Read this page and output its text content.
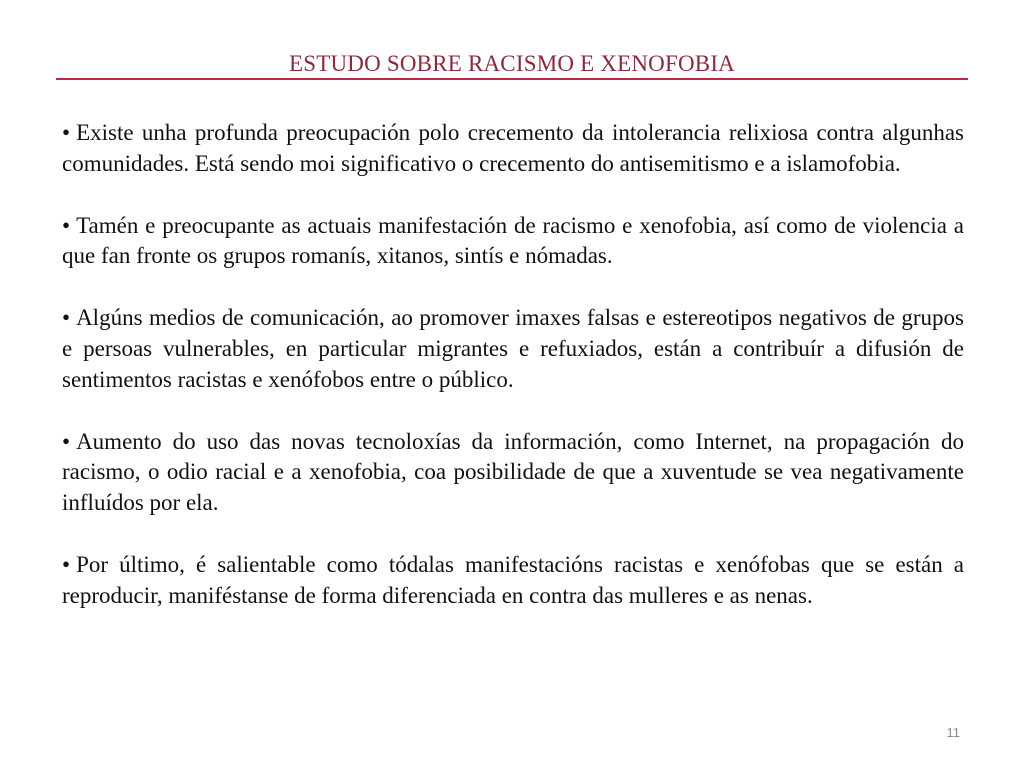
ESTUDO SOBRE RACISMO E XENOFOBIA

• Existe unha profunda preocupación polo crecemento da intolerancia relixiosa contra algunhas comunidades. Está sendo moi significativo o crecemento do antisemitismo e a islamofobia.

• Tamén e preocupante as actuais manifestación de racismo e xenofobia, así como de violencia a que fan fronte os grupos romanís, xitanos, sintís e nómadas.

• Algúns medios de comunicación, ao promover imaxes falsas e estereotipos negativos de grupos e persoas vulnerables, en particular migrantes e refuxiados, están a contribuír a difusión de sentimentos racistas e xenófobos entre o público.

• Aumento do uso das novas tecnoloxías da información, como Internet, na propagación do racismo, o odio racial e a xenofobia, coa posibilidade de que a xuventude se vea negativamente influídos por ela.

• Por último, é salientable como tódalas manifestacións racistas e xenófobas que se están a reproducir, maniféstanse de forma diferenciada en contra das mulleres e as nenas.

11
